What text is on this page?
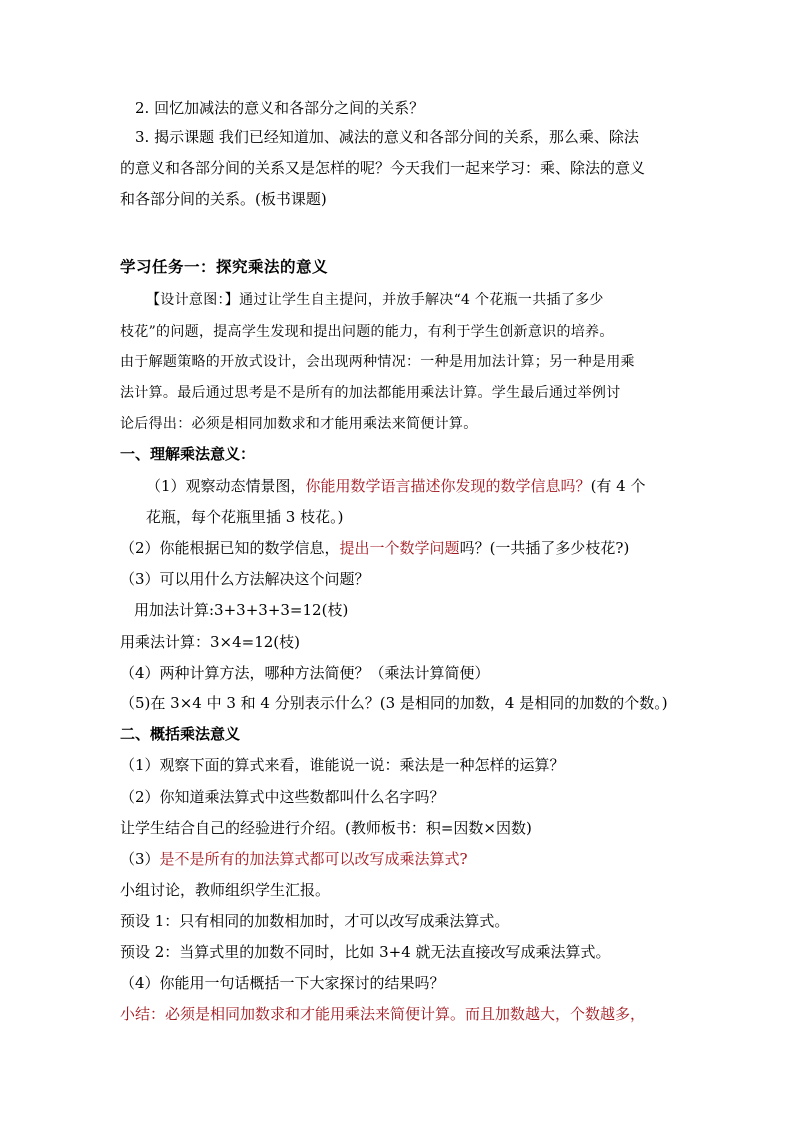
2. 回忆加减法的意义和各部分之间的关系？
3. 揭示课题 我们已经知道加、减法的意义和各部分间的关系，那么乘、除法
的意义和各部分间的关系又是怎样的呢？今天我们一起来学习：乘、除法的意义
和各部分间的关系。(板书课题)
学习任务一：探究乘法的意义
【设计意图：】通过让学生自主提问，并放手解决“4 个花瓶一共插了多少
枝花”的问题，提高学生发现和提出问题的能力，有利于学生创新意识的培养。
由于解题策略的开放式设计，会出现两种情况：一种是用加法计算；另一种是用乘
法计算。最后通过思考是不是所有的加法都能用乘法计算。学生最后通过举例讨
论后得出：必须是相同加数求和才能用乘法来简便计算。
一、理解乘法意义：
（1）观察动态情景图，你能用数学语言描述你发现的数学信息吗？(有 4 个
花瓶，每个花瓶里插 3 枝花。)
（2）你能根据已知的数学信息，提出一个数学问题吗？(一共插了多少枝花?)
（3）可以用什么方法解决这个问题？
用加法计算:3+3+3+3=12(枝)
用乘法计算：3×4=12(枝)
（4）两种计算方法，哪种方法简便？（乘法计算简便）
（5)在 3×4 中 3 和 4 分别表示什么？(3 是相同的加数，4 是相同的加数的个数。)
二、概括乘法意义
（1）观察下面的算式来看，谁能说一说：乘法是一种怎样的运算？
（2）你知道乘法算式中这些数都叫什么名字吗？
让学生结合自己的经验进行介绍。(教师板书：积=因数×因数)
（3）是不是所有的加法算式都可以改写成乘法算式?
小组讨论，教师组织学生汇报。
预设 1：只有相同的加数相加时，才可以改写成乘法算式。
预设 2：当算式里的加数不同时，比如 3+4 就无法直接改写成乘法算式。
（4）你能用一句话概括一下大家探讨的结果吗？
小结：必须是相同加数求和才能用乘法来简便计算。而且加数越大，个数越多，
